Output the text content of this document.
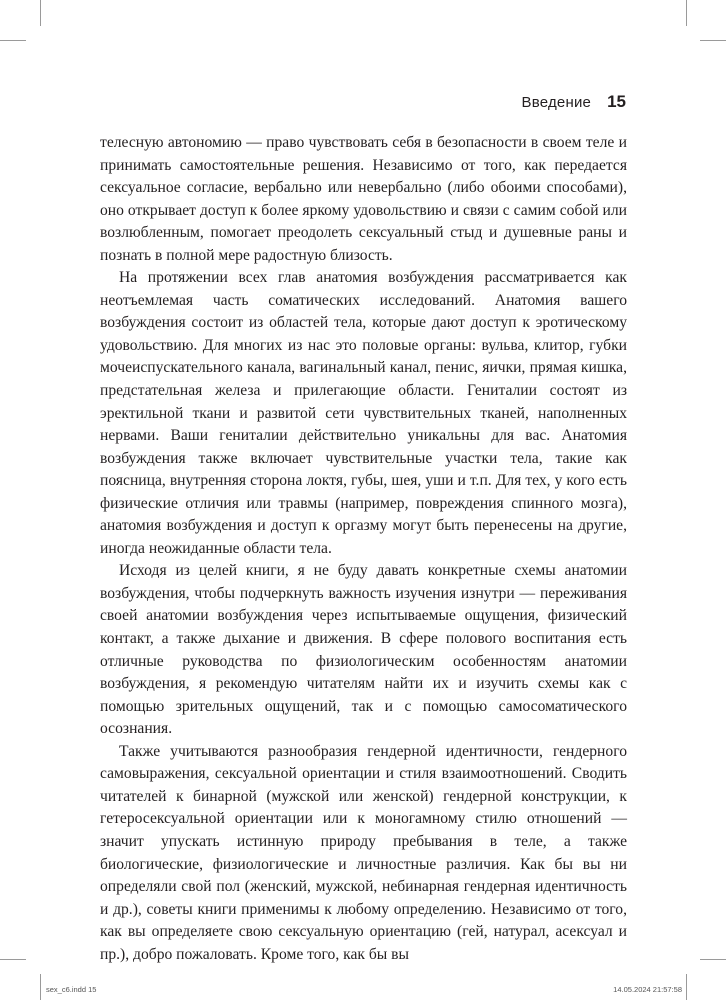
Введение 15

телесную автономию — право чувствовать себя в безопасности в своем теле и принимать самостоятельные решения. Независимо от того, как передается сексуальное согласие, вербально или невербально (либо обоими способами), оно открывает доступ к более яркому удовольствию и связи с самим собой или возлюбленным, помогает преодолеть сексуальный стыд и душевные раны и познать в полной мере радостную близость.

На протяжении всех глав анатомия возбуждения рассматривается как неотъемлемая часть соматических исследований. Анатомия вашего возбуждения состоит из областей тела, которые дают доступ к эротическому удовольствию. Для многих из нас это половые органы: вульва, клитор, губки мочеиспускательного канала, вагинальный канал, пенис, яички, прямая кишка, предстательная железа и прилегающие области. Гениталии состоят из эректильной ткани и развитой сети чувствительных тканей, наполненных нервами. Ваши гениталии действительно уникальны для вас. Анатомия возбуждения также включает чувствительные участки тела, такие как поясница, внутренняя сторона локтя, губы, шея, уши и т.п. Для тех, у кого есть физические отличия или травмы (например, повреждения спинного мозга), анатомия возбуждения и доступ к оргазму могут быть перенесены на другие, иногда неожиданные области тела.

Исходя из целей книги, я не буду давать конкретные схемы анатомии возбуждения, чтобы подчеркнуть важность изучения изнутри — переживания своей анатомии возбуждения через испытываемые ощущения, физический контакт, а также дыхание и движения. В сфере полового воспитания есть отличные руководства по физиологическим особенностям анатомии возбуждения, я рекомендую читателям найти их и изучить схемы как с помощью зрительных ощущений, так и с помощью самосоматического осознания.

Также учитываются разнообразия гендерной идентичности, гендерного самовыражения, сексуальной ориентации и стиля взаимоотношений. Сводить читателей к бинарной (мужской или женской) гендерной конструкции, к гетеросексуальной ориентации или к моногамному стилю отношений — значит упускать истинную природу пребывания в теле, а также биологические, физиологические и личностные различия. Как бы вы ни определяли свой пол (женский, мужской, небинарная гендерная идентичность и др.), советы книги применимы к любому определению. Независимо от того, как вы определяете свою сексуальную ориентацию (гей, натурал, асексуал и пр.), добро пожаловать. Кроме того, как бы вы

sex_c6.indd 15	14.05.2024 21:57:58
